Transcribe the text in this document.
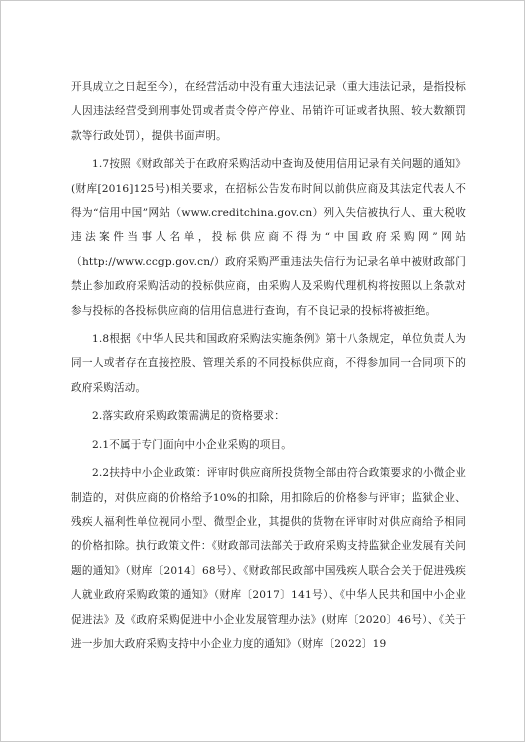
开具成立之日起至今），在经营活动中没有重大违法记录（重大违法记录，是指投标人因违法经营受到刑事处罚或者责令停产停业、吊销许可证或者执照、较大数额罚款等行政处罚），提供书面声明。

1.7按照《财政部关于在政府采购活动中查询及使用信用记录有关问题的通知》(财库[2016]125号)相关要求，在招标公告发布时间以前供应商及其法定代表人不得为“信用中国”网站（www.creditchina.gov.cn）列入失信被执行人、重大税收违法案件当事人名单，投标供应商不得为“中国政府采购网”网站（http://www.ccgp.gov.cn/）政府采购严重违法失信行为记录名单中被财政部门禁止参加政府采购活动的投标供应商，由采购人及采购代理机构将按照以上条款对参与投标的各投标供应商的信用信息进行查询，有不良记录的投标将被拒绝。

1.8根据《中华人民共和国政府采购法实施条例》第十八条规定，单位负责人为同一人或者存在直接控股、管理关系的不同投标供应商，不得参加同一合同项下的政府采购活动。

2.落实政府采购政策需满足的资格要求：

2.1不属于专门面向中小企业采购的项目。

2.2扶持中小企业政策：评审时供应商所投货物全部由符合政策要求的小微企业制造的，对供应商的价格给予10%的扣除，用扣除后的价格参与评审；监狱企业、残疾人福利性单位视同小型、微型企业，其提供的货物在评审时对供应商给予相同的价格扣除。执行政策文件：《财政部司法部关于政府采购支持监狱企业发展有关问题的通知》（财库〔2014〕68号）、《财政部民政部中国残疾人联合会关于促进残疾人就业政府采购政策的通知》（财库〔2017〕141号）、《中华人民共和国中小企业促进法》及《政府采购促进中小企业发展管理办法》(财库〔2020〕46号）、《关于进一步加大政府采购支持中小企业力度的通知》（财库〔2022〕19
